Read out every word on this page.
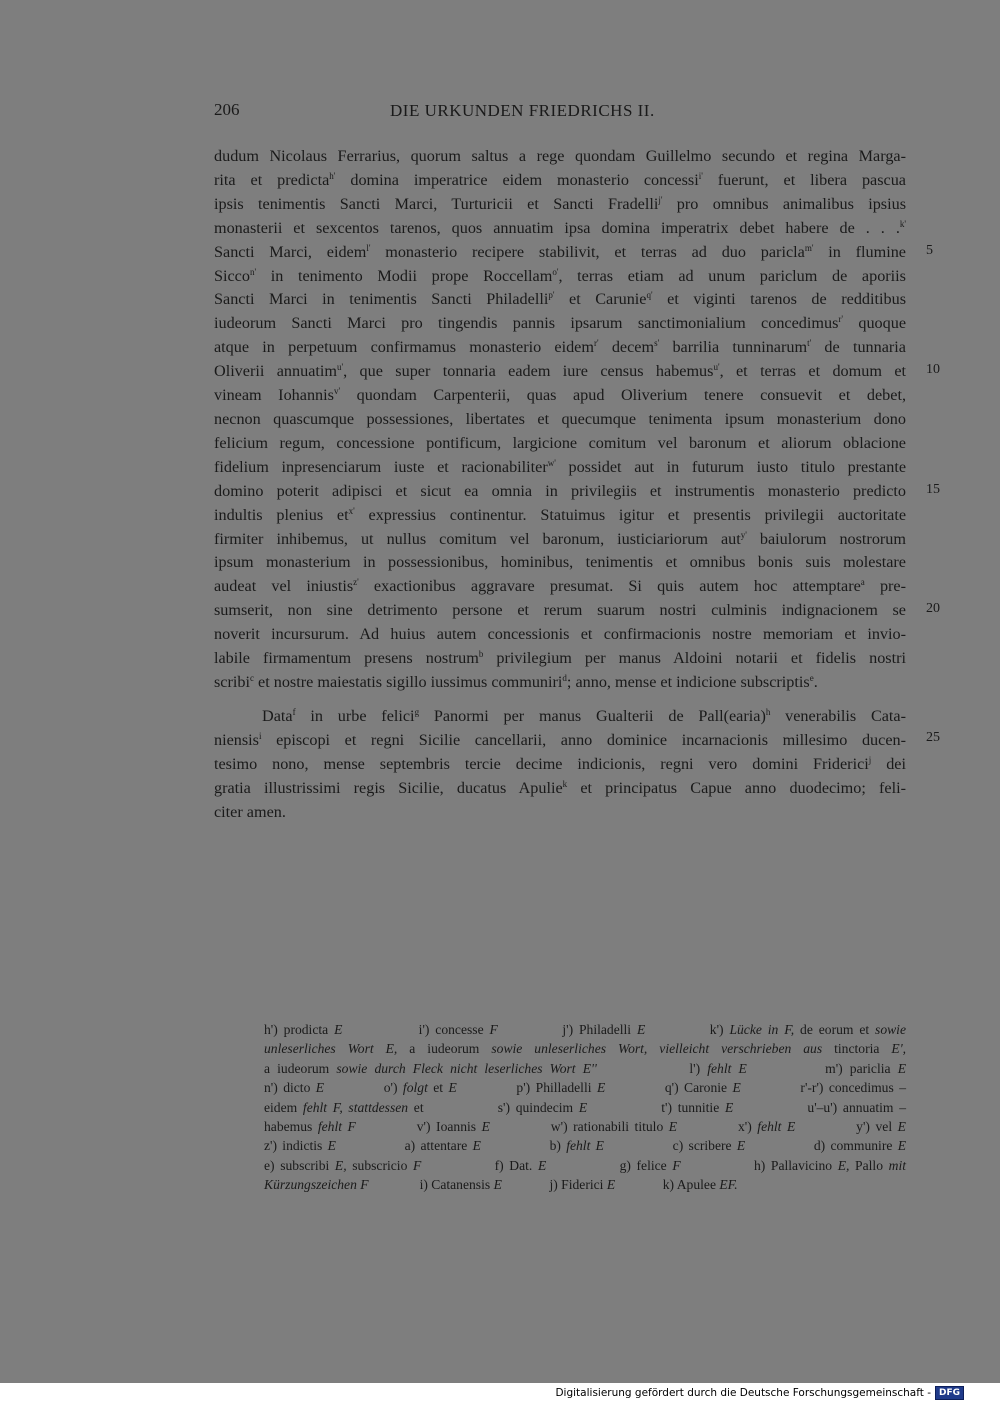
206	DIE URKUNDEN FRIEDRICHS II.
dudum Nicolaus Ferrarius, quorum saltus a rege quondam Guillelmo secundo et regina Marga-
rita et predicta$^{h'}$ domina imperatrice eidem monasterio concessi$^{i'}$ fuerunt, et libera pascua
ipsis tenimentis Sancti Marci, Turturicii et Sancti Fradelli$^{j'}$ pro omnibus animalibus ipsius
monasterii et sexcentos tarenos, quos annuatim ipsa domina imperatrix debet habere de . . .$^{k'}$
Sancti Marci, eidem$^{l'}$ monasterio recipere stabilivit, et terras ad duo paricla$^{m'}$ in flumine
Sicco$^{n'}$ in tenimento Modii prope Roccellam$^{o'}$, terras etiam ad unum pariclum de aporiis
Sancti Marci in tenimentis Sancti Philadelli$^{p'}$ et Carunie$^{q'}$ et viginti tarenos de redditibus
iudeorum Sancti Marci pro tingendis pannis ipsarum sanctimonialium concedimus$^{r'}$ quoque
atque in perpetuum confirmamus monasterio eidem$^{r'}$ decem$^{s'}$ barrilia tunninarum$^{t'}$ de tunnaria
Oliverii annuatim$^{u'}$, que super tonnaria eadem iure census habemus$^{u'}$, et terras et domum et
vineam Iohannis$^{v'}$ quondam Carpenterii, quas apud Oliverium tenere consuevit et debet,
necnon quascumque possessiones, libertates et quecumque tenimenta ipsum monasterium dono
felicium regum, concessione pontificum, largicione comitum vel baronum et aliorum oblacione
fidelium inpresenciarum iuste et racionabiliter$^{w'}$ possidet aut in futurum iusto titulo prestante
domino poterit adipisci et sicut ea omnia in privilegiis et instrumentis monasterio predicto
indultis plenius $et^{x'}$ expressius continentur. Statuimus igitur et presentis privilegii auctoritate
firmiter inhibemus, ut nullus comitum vel baronum, iusticiariorum aut$^{y'}$ baiulorum nostrorum
ipsum monasterium in possessionibus, hominibus, tenimentis et omnibus bonis suis molestare
audeat vel iniustis$^{z'}$ exactionibus aggravare presumat. Si quis autem hoc attemptare$^a$ pre-
sumserit, non sine detrimento persone et rerum suarum nostri culminis indignacionem se
noverit incursurum. Ad huius autem concessionis et confirmacionis nostre memoriam et invio-
labile firmamentum presens nostrum$^b$ privilegium per manus Aldoini notarii et fidelis nostri
scribi$^c$ et nostre maiestatis sigillo iussimus communiri$^d$; anno, mense et indicione subscriptis$^e$.
Data$^f$ in urbe felici$^g$ Panormi per manus Gualterii de Pall(earia)$^h$ venerabilis Cata-
niensis$^i$ episcopi et regni Sicilie cancellarii, anno dominice incarnacionis millesimo ducen-
tesimo nono, mense septembris tercie decime indicionis, regni vero domini Friderici$^j$ dei
gratia illustrissimi regis Sicilie, ducatus Apulie$^k$ et principatus Capue anno duodecimo; feli-
citer amen.
5
10
15
20
25
h') prodicta E             i') concesse F           j') Philadelli E           k') Lücke in F, de eorum et sowie
unleserliches Wort E, a iudeorum sowie unleserliches Wort, vielleicht verschrieben aus tinctoria E',
a iudeorum sowie durch Fleck nicht leserliches Wort E''             l') fehlt E           m') pariclia E
n') dicto E           o') folgt et E           p') Philladelli E           q') Caronie E           r'-r') concedimus –
eidem fehlt F, stattdessen et             s') quindecim E             t') tunnitie E             u'–u') annuatim –
habemus fehlt F           v') Ioannis E           w') rationabili titulo E           x') fehlt E           y') vel E
z') indictis E             a) attentare E             b) fehlt E             c) scribere E             d) communire E
e) subscribi E, subscricio F             f) Dat. E             g) felice F             h) Pallavicino E, Pallo mit
Kürzungszeichen F               i) Catanensis E              j) Fiderici E              k) Apulee EF.
Digitalisierung gefördert durch die Deutsche Forschungsgemeinschaft - DFG
